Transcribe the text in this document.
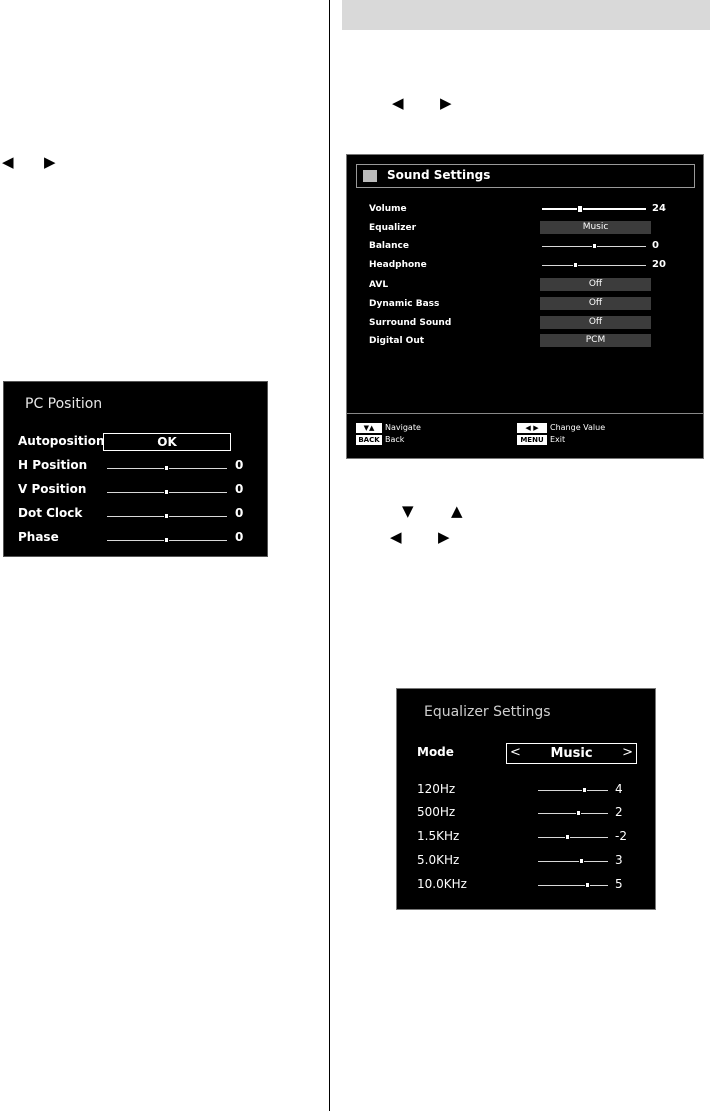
◀ ▶
◀ ▶
▼ ▲
◀ ▶
PC Position
Autoposition	OK
H Position	0
V Position	0
Dot Clock	0
Phase	0
Sound Settings
Volume	24
Equalizer	Music
Balance	0
Headphone	20
AVL	Off
Dynamic Bass	Off
Surround Sound	Off
Digital Out	PCM
▼▲	Navigate
BACK Back
◀ ▶	Change Value
MENU Exit
Equalizer Settings
Mode	<	Music	>
120Hz	4
500Hz	2
1.5KHz	-2
5.0KHz	3
10.0KHz	5
